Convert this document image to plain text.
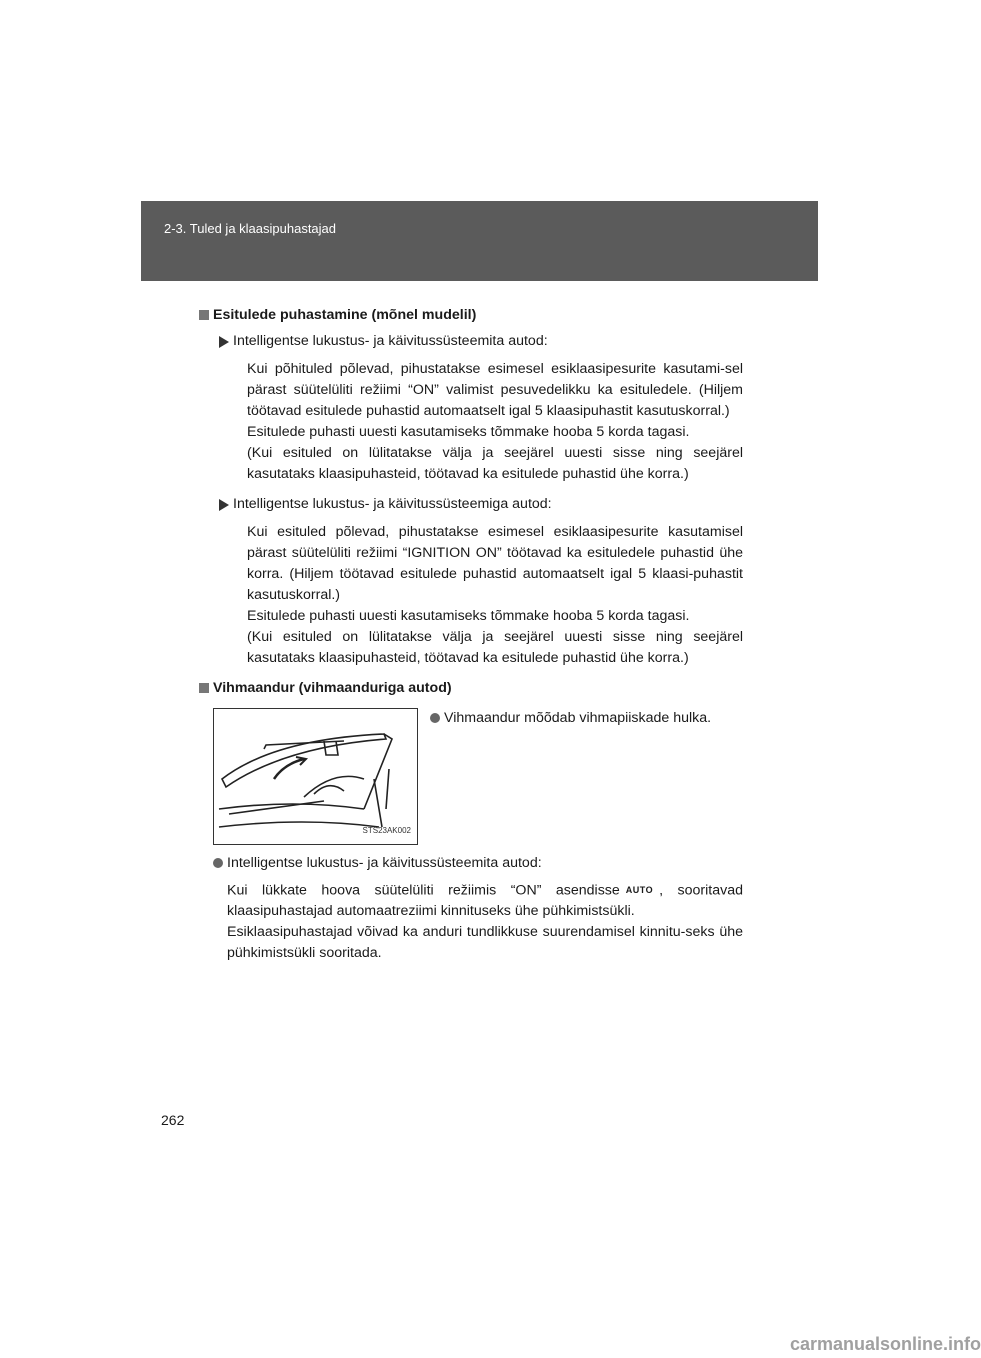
2-3. Tuled ja klaasipuhastajad
Esitulede puhastamine (mõnel mudelil)
Intelligentse lukustus- ja käivitussüsteemita autod:

Kui põhituled põlevad, pihustatakse esimesel esiklaasipesurite kasutami-sel pärast süütelüliti režiimi “ON” valimist pesuvedelikku ka esituledele. (Hiljem töötavad esitulede puhastid automaatselt igal 5 klaasipuhastit kasutuskorral.)

Esitulede puhasti uuesti kasutamiseks tõmmake hooba 5 korda tagasi.

(Kui esituled on lülitatakse välja ja seejärel uuesti sisse ning seejärel kasutataks klaasipuhasteid, töötavad ka esitulede puhastid ühe korra.)

Intelligentse lukustus- ja käivitussüsteemiga autod:

Kui esituled põlevad, pihustatakse esimesel esiklaasipesurite kasutamisel pärast süütelüliti režiimi “IGNITION ON” töötavad ka esituledele puhastid ühe korra. (Hiljem töötavad esitulede puhastid automaatselt igal 5 klaasi-puhastit kasutuskorral.)

Esitulede puhasti uuesti kasutamiseks tõmmake hooba 5 korda tagasi.

(Kui esituled on lülitatakse välja ja seejärel uuesti sisse ning seejärel kasutataks klaasipuhasteid, töötavad ka esitulede puhastid ühe korra.)

Vihmaandur (vihmaanduriga autod)
STS23AK002
Vihmaandur mõõdab vihmapiiskade hulka.
Intelligentse lukustus- ja käivitussüsteemita autod:

Kui lükkate hoova süütelüliti režiimis “ON” asendisse AUTO , sooritavad klaasipuhastajad automaatreziimi kinnituseks ühe pühkimistsükli.

Esiklaasipuhastajad võivad ka anduri tundlikkuse suurendamisel kinnitu-seks ühe pühkimistsükli sooritada.

262
carmanualsonline.info
